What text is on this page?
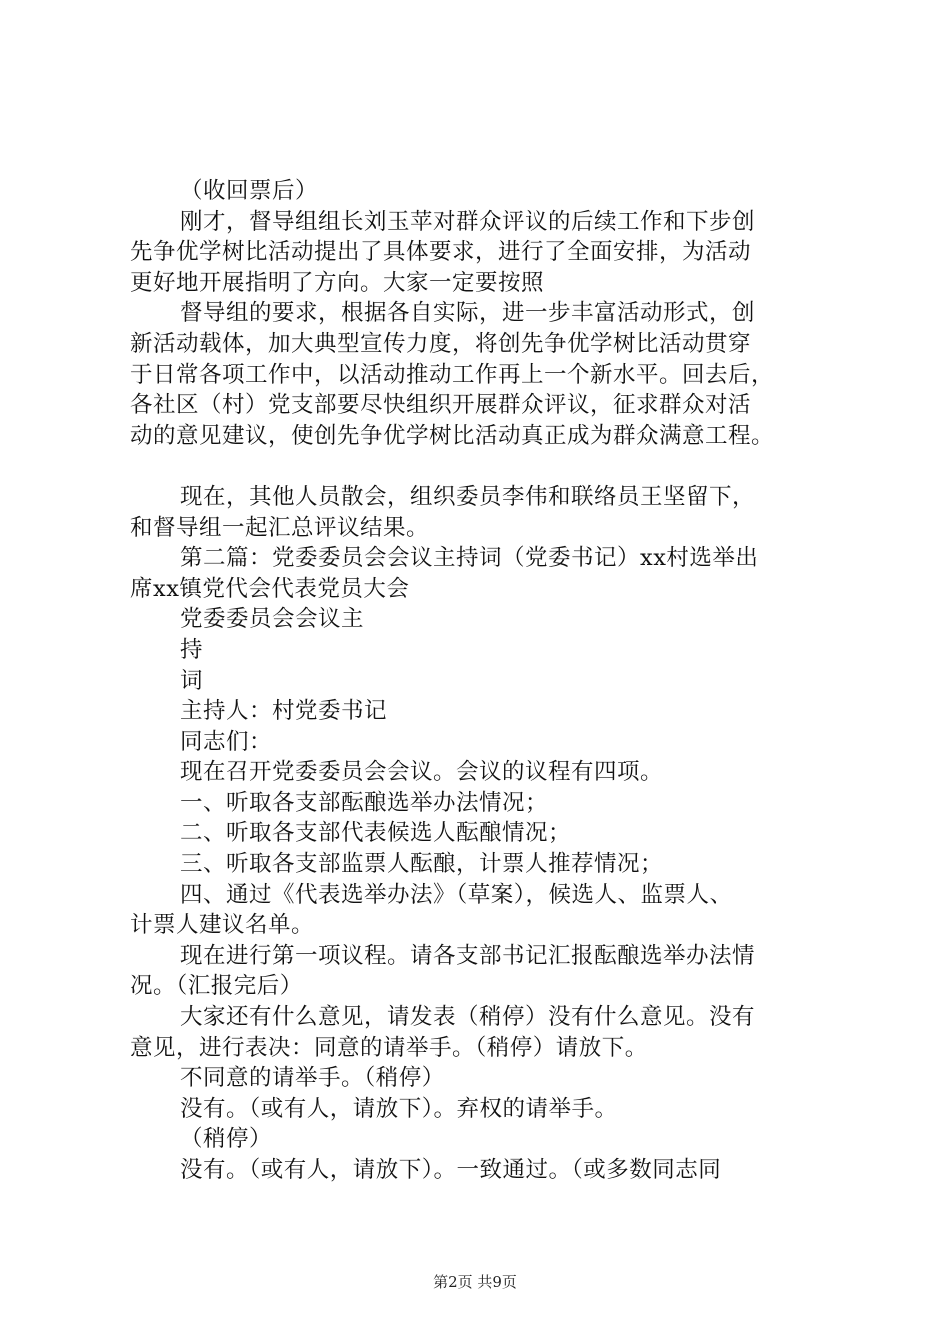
（收回票后）
刚才，督导组组长刘玉苹对群众评议的后续工作和下步创
先争优学树比活动提出了具体要求，进行了全面安排，为活动
更好地开展指明了方向。大家一定要按照
督导组的要求，根据各自实际，进一步丰富活动形式，创
新活动载体，加大典型宣传力度，将创先争优学树比活动贯穿
于日常各项工作中，以活动推动工作再上一个新水平。回去后，
各社区（村）党支部要尽快组织开展群众评议，征求群众对活
动的意见建议，使创先争优学树比活动真正成为群众满意工程。
现在，其他人员散会，组织委员李伟和联络员王坚留下，
和督导组一起汇总评议结果。
第二篇：党委委员会会议主持词（党委书记）xx村选举出
席xx镇党代会代表党员大会
党委委员会会议主
持
词
主持人：村党委书记
同志们：
现在召开党委委员会会议。会议的议程有四项。
一、听取各支部酝酿选举办法情况；
二、听取各支部代表候选人酝酿情况；
三、听取各支部监票人酝酿，计票人推荐情况；
四、通过《代表选举办法》（草案），候选人、监票人、
计票人建议名单。
现在进行第一项议程。请各支部书记汇报酝酿选举办法情
况。（汇报完后）
大家还有什么意见，请发表（稍停）没有什么意见。没有
意见，进行表决：同意的请举手。（稍停）请放下。
不同意的请举手。（稍停）
没有。（或有人，请放下）。弃权的请举手。
（稍停）
没有。（或有人，请放下）。一致通过。（或多数同志同
第2页 共9页
